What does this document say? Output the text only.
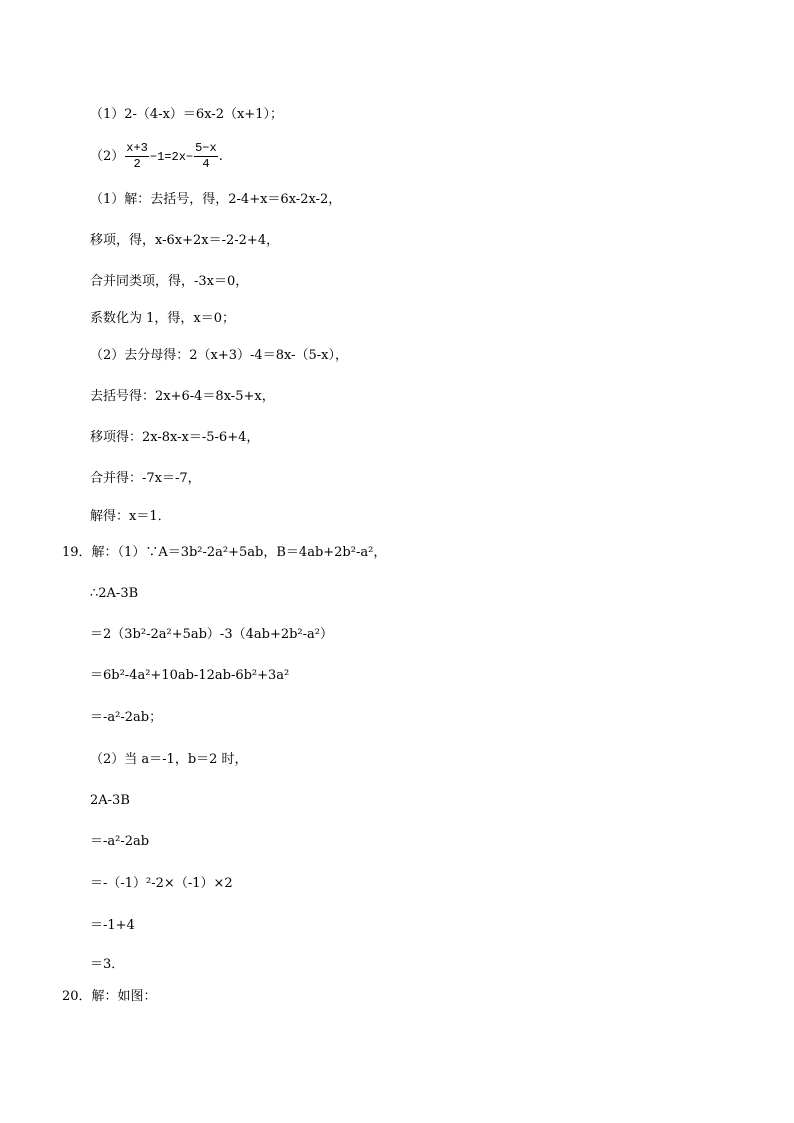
（1）2-（4-x）＝6x-2（x+1）；
$(2) \frac{x+3}{2} -1=2x- \frac{5-x}{4}$ .
（1）解：去括号，得，2-4+x＝6x-2x-2，
移项，得，x-6x+2x＝-2-2+4，
合并同类项，得，-3x＝0，
系数化为 1，得，x＝0；
（2）去分母得：2（x+3）-4＝8x-（5-x），
去括号得：2x+6-4＝8x-5+x，
移项得：2x-8x-x＝-5-6+4，
合并得：-7x＝-7，
解得：x＝1．
19．解：（1）∵A＝3b²-2a²+5ab，B＝4ab+2b²-a²，
∴2A-3B
＝2（3b²-2a²+5ab）-3（4ab+2b²-a²）
＝6b²-4a²+10ab-12ab-6b²+3a²
＝-a²-2ab；
（2）当 a＝-1，b＝2 时，
2A-3B
＝-a²-2ab
＝-（-1）²-2×（-1）×2
＝-1+4
＝3．
20．解：如图：
